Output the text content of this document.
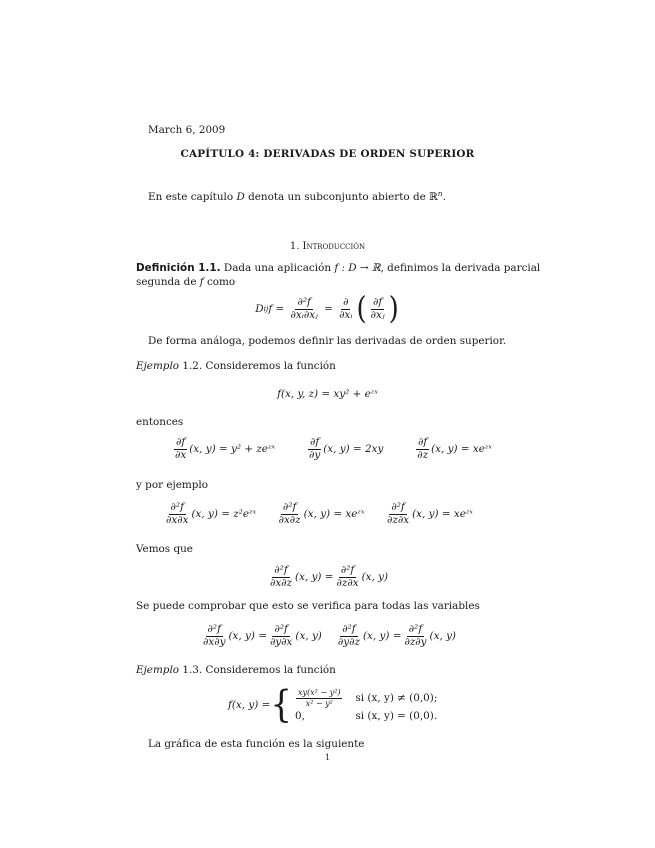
March 6, 2009
CAPÍTULO 4: DERIVADAS DE ORDEN SUPERIOR
En este capítulo D denota un subconjunto abierto de ℝ$^n$.
1. Introducción
Definición 1.1. Dada una aplicación f : D → ℝ, definimos la derivada parcial
segunda de f como
D ij $f = \frac{\text{∂²f}}{\text{∂xᵢ∂xⱼ}} = \frac{\partial}{\text{∂xᵢ}}$ ( $\frac{\partial f}{\text{∂xⱼ}}$ )
De forma análoga, podemos definir las derivadas de orden superior.
Ejemplo 1.2. Consideremos la función
f(x, y, z) = xy² + eᶻˣ
entonces
$\frac{\partial f}{\partial x} (x$, y) = y² + zeᶻˣ	$\frac{\partial f}{\partial y} (x$, y) = 2xy	$\frac{\partial f}{\partial z} (x$, y) = xeᶻˣ
y por ejemplo
$\frac{\text{∂²f}}{\partial x\partial x} (x$, y) = z²eᶻˣ $\frac{\text{∂²f}}{\partial x\partial z} (x$, y) = xeᶻˣ $\frac{\text{∂²f}}{\partial z\partial x} (x$, y) = xeᶻˣ
Vemos que
$\frac{\text{∂²f}}{\partial x\partial z} (x$, $y) = \frac{\text{∂²f}}{\partial z\partial x} (x$, y)
Se puede comprobar que esto se verifica para todas las variables
$\frac{\text{∂²f}}{\partial x\partial y} (x$, $y) = \frac{\text{∂²f}}{\partial y\partial x} (x$, $y) \frac{\text{∂²f}}{\partial y\partial z} (x$, $y) = \frac{\text{∂²f}}{\partial z\partial y} (x$, y)
Ejemplo 1.3. Consideremos la función
f(x, y) = { $\frac{\text{xy(x² − y²)}}{\text{x² − y²}}$ si (x, y) ≠ (0,0);
0,	si (x, y) = (0,0).
La gráfica de esta función es la siguiente
1
